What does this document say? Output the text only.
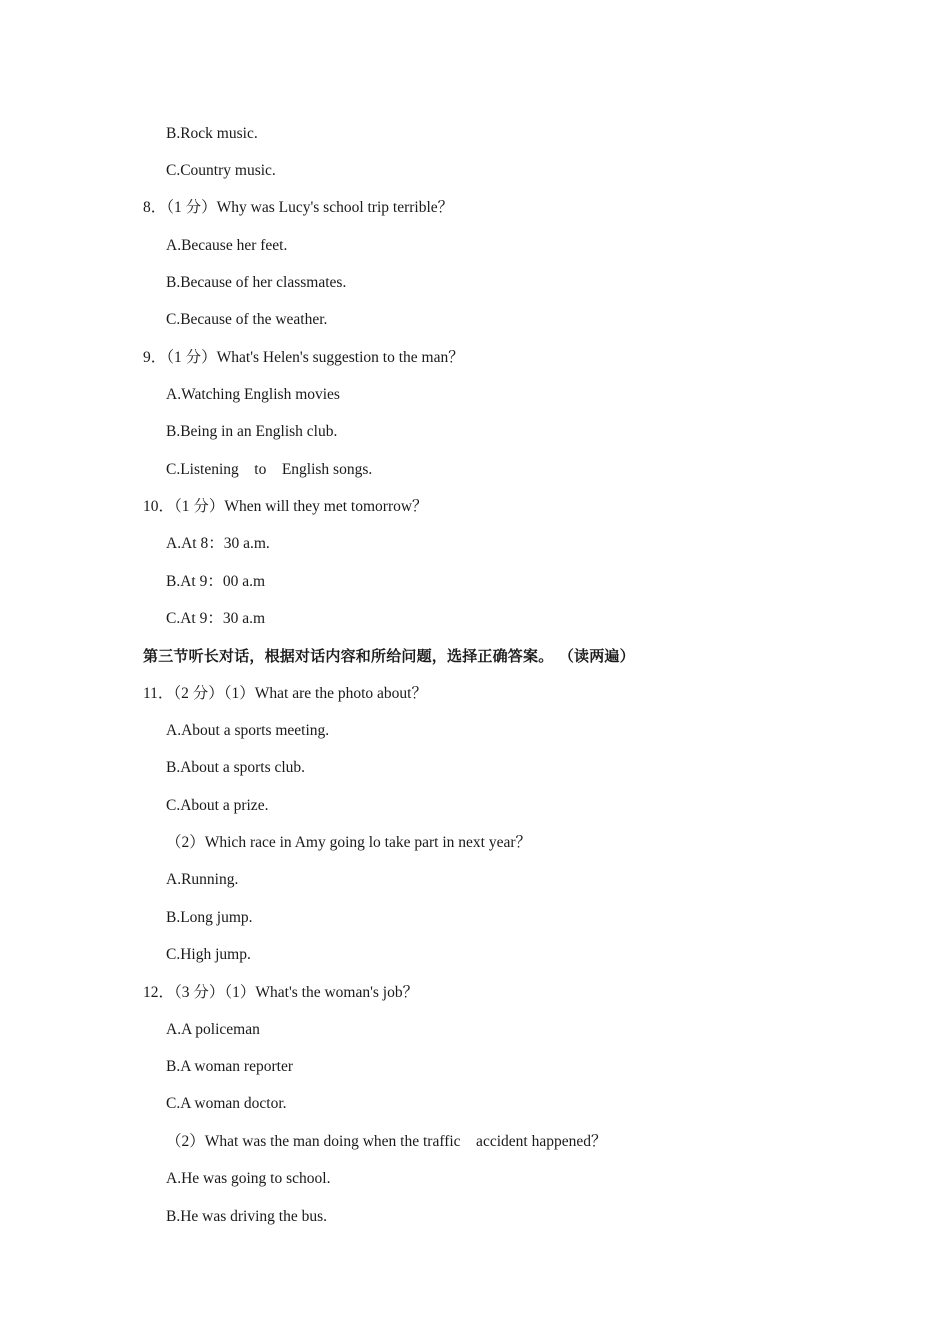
B.Rock music.
C.Country music.
8．（1 分）Why was Lucy's school trip terrible？
A.Because her feet.
B.Because of her classmates.
C.Because of the weather.
9．（1 分）What's Helen's suggestion to the man？
A.Watching English movies
B.Being in an English club.
C.Listening    to    English songs.
10．（1 分）When will they met tomorrow？
A.At 8：30 a.m.
B.At 9：00 a.m
C.At 9：30 a.m
第三节听长对话，根据对话内容和所给问题，选择正确答案。 （读两遍）
11．（2 分）（1）What are the photo about？
A.About a sports meeting.
B.About a sports club.
C.About a prize.
（2）Which race in Amy going lo take part in next year？
A.Running.
B.Long jump.
C.High jump.
12．（3 分）（1）What's the woman's job？
A.A policeman
B.A woman reporter
C.A woman doctor.
（2）What was the man doing when the traffic    accident happened？
A.He was going to school.
B.He was driving the bus.
